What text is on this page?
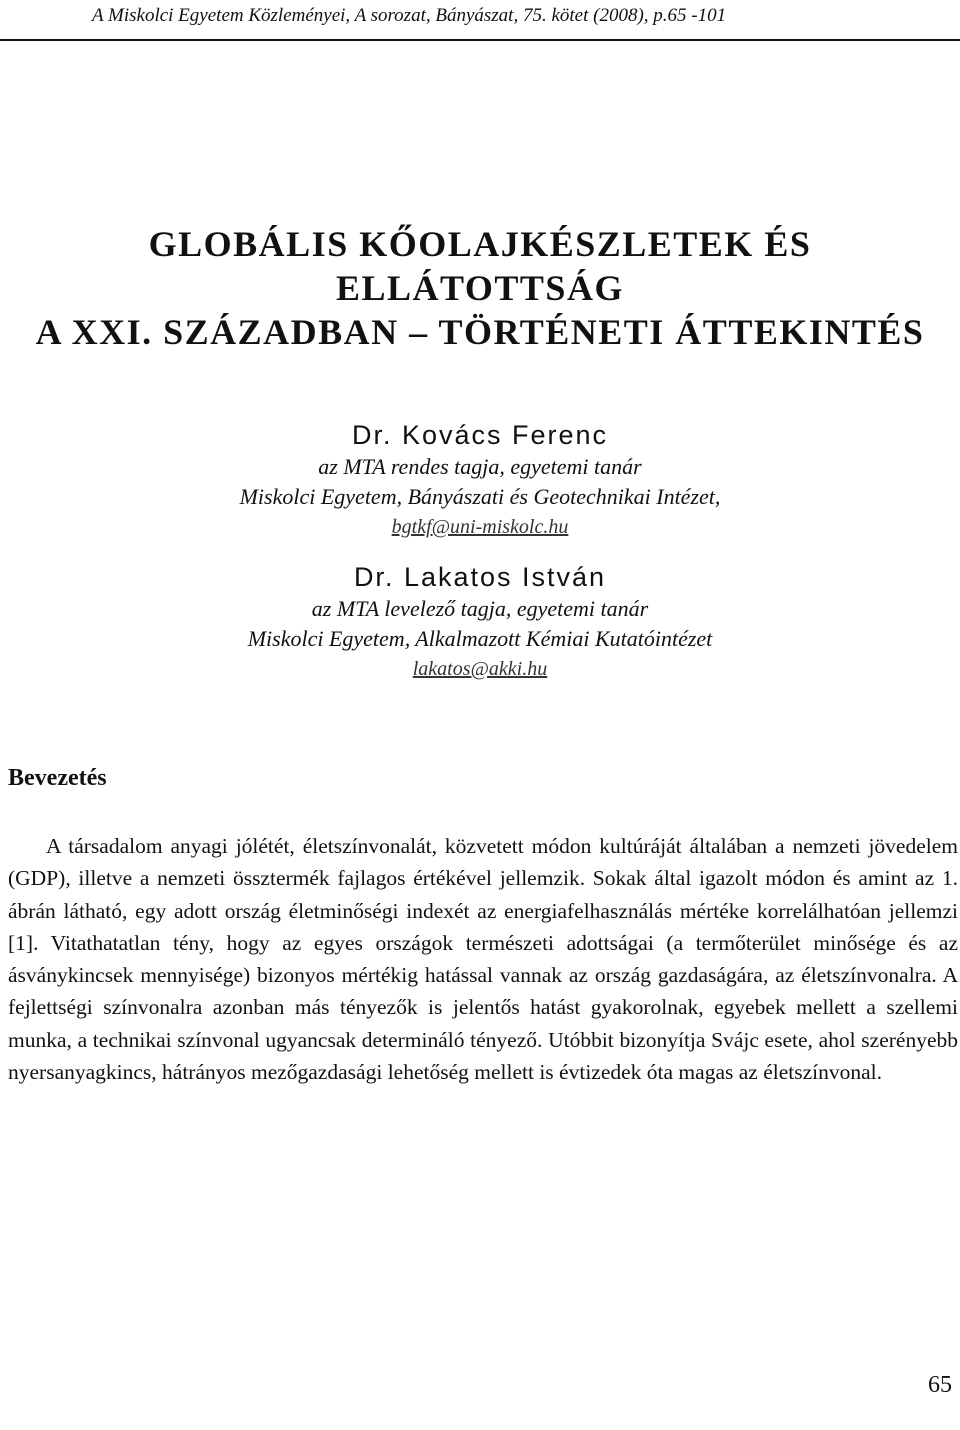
A Miskolci Egyetem Közleményei, A sorozat, Bányászat, 75. kötet (2008), p.65 -101
GLOBÁLIS KŐOLAJKÉSZLETEK ÉS
ELLÁTOTTSÁG
A XXI. SZÁZADBAN – TÖRTÉNETI ÁTTEKINTÉS
Dr. Kovács Ferenc
az MTA rendes tagja, egyetemi tanár
Miskolci Egyetem, Bányászati és Geotechnikai Intézet,
bgtkf@uni-miskolc.hu
Dr. Lakatos István
az MTA levelező tagja, egyetemi tanár
Miskolci Egyetem, Alkalmazott Kémiai Kutatóintézet
lakatos@akki.hu
Bevezetés

A társadalom anyagi jólétét, életszínvonalát, közvetett módon kultúráját általában a nemzeti jövedelem (GDP), illetve a nemzeti össztermék fajlagos értékével jellemzik. Sokak által igazolt módon és amint az 1. ábrán látható, egy adott ország életminőségi indexét az energiafelhasználás mértéke korrelálhatóan jellemzi [1]. Vitathatatlan tény, hogy az egyes országok természeti adottságai (a termőterület minősége és az ásványkincsek mennyisége) bizonyos mértékig hatással vannak az ország gazdaságára, az életszínvonalra. A fejlettségi színvonalra azonban más tényezők is jelentős hatást gyakorolnak, egyebek mellett a szellemi munka, a technikai színvonal ugyancsak determináló tényező. Utóbbit bizonyítja Svájc esete, ahol szerényebb nyersanyagkincs, hátrányos mezőgazdasági lehetőség mellett is évtizedek óta magas az életszínvonal.

65
